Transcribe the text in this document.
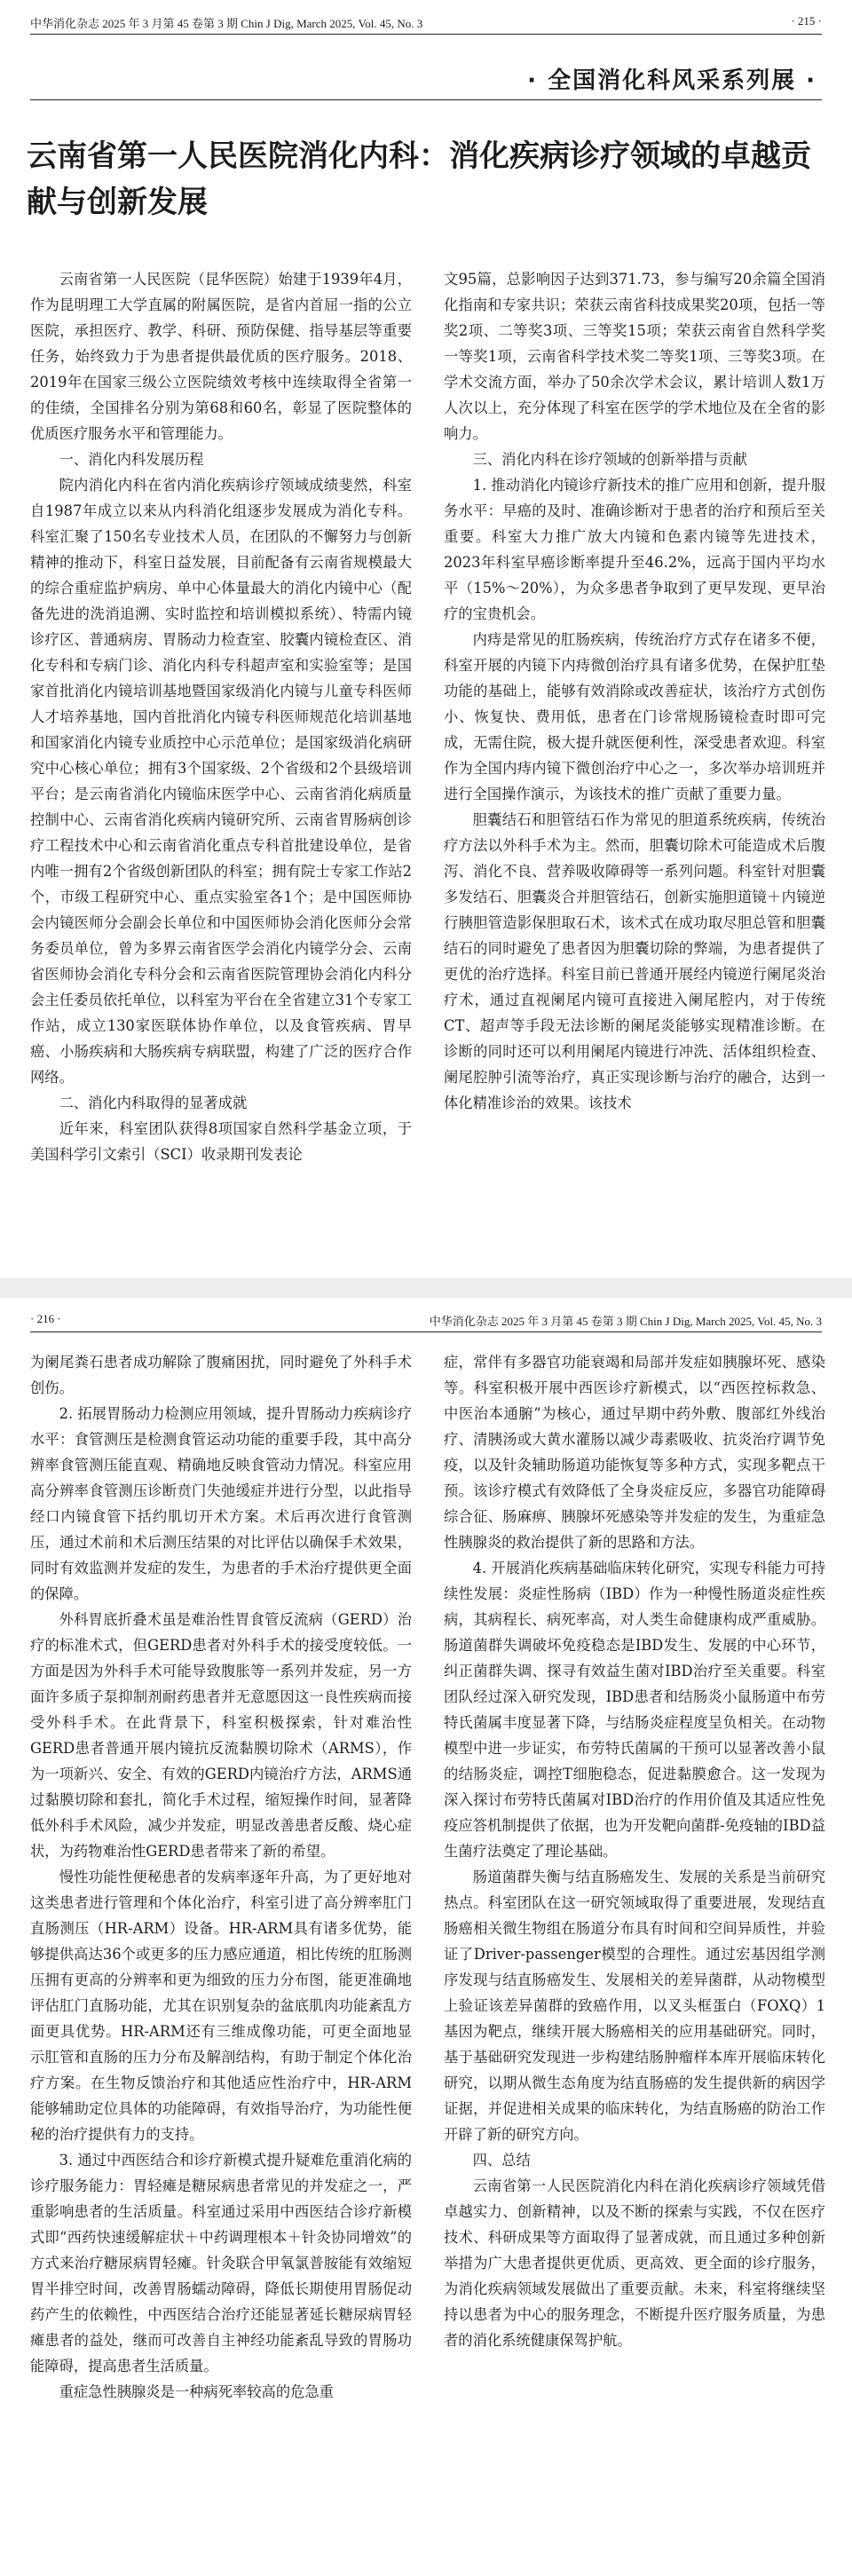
中华消化杂志 2025 年 3 月第 45 卷第 3 期 Chin J Dig, March 2025, Vol. 45, No. 3	· 215 ·
· 全国消化科风采系列展 ·
云南省第一人民医院消化内科：消化疾病诊疗领域的卓越贡献与创新发展

云南省第一人民医院（昆华医院）始建于1939年4月，作为昆明理工大学直属的附属医院，是省内首屈一指的公立医院，承担医疗、教学、科研、预防保健、指导基层等重要任务，始终致力于为患者提供最优质的医疗服务。2018、2019年在国家三级公立医院绩效考核中连续取得全省第一的佳绩，全国排名分别为第68和60名，彰显了医院整体的优质医疗服务水平和管理能力。

一、消化内科发展历程

院内消化内科在省内消化疾病诊疗领域成绩斐然，科室自1987年成立以来从内科消化组逐步发展成为消化专科。科室汇聚了150名专业技术人员，在团队的不懈努力与创新精神的推动下，科室日益发展，目前配备有云南省规模最大的综合重症监护病房、单中心体量最大的消化内镜中心（配备先进的洗消追溯、实时监控和培训模拟系统）、特需内镜诊疗区、普通病房、胃肠动力检查室、胶囊内镜检查区、消化专科和专病门诊、消化内科专科超声室和实验室等；是国家首批消化内镜培训基地暨国家级消化内镜与儿童专科医师人才培养基地，国内首批消化内镜专科医师规范化培训基地和国家消化内镜专业质控中心示范单位；是国家级消化病研究中心核心单位；拥有3个国家级、2个省级和2个县级培训平台；是云南省消化内镜临床医学中心、云南省消化病质量控制中心、云南省消化疾病内镜研究所、云南省胃肠病创诊疗工程技术中心和云南省消化重点专科首批建设单位，是省内唯一拥有2个省级创新团队的科室；拥有院士专家工作站2个，市级工程研究中心、重点实验室各1个；是中国医师协会内镜医师分会副会长单位和中国医师协会消化医师分会常务委员单位，曾为多界云南省医学会消化内镜学分会、云南省医师协会消化专科分会和云南省医院管理协会消化内科分会主任委员依托单位，以科室为平台在全省建立31个专家工作站，成立130家医联体协作单位，以及食管疾病、胃早癌、小肠疾病和大肠疾病专病联盟，构建了广泛的医疗合作网络。

二、消化内科取得的显著成就

近年来，科室团队获得8项国家自然科学基金立项，于美国科学引文索引（SCI）收录期刊发表论

文95篇，总影响因子达到371.73，参与编写20余篇全国消化指南和专家共识；荣获云南省科技成果奖20项，包括一等奖2项、二等奖3项、三等奖15项；荣获云南省自然科学奖一等奖1项，云南省科学技术奖二等奖1项、三等奖3项。在学术交流方面，举办了50余次学术会议，累计培训人数1万人次以上，充分体现了科室在医学的学术地位及在全省的影响力。

三、消化内科在诊疗领域的创新举措与贡献

1. 推动消化内镜诊疗新技术的推广应用和创新，提升服务水平：早癌的及时、准确诊断对于患者的治疗和预后至关重要。科室大力推广放大内镜和色素内镜等先进技术，2023年科室早癌诊断率提升至46.2%，远高于国内平均水平（15%～20%），为众多患者争取到了更早发现、更早治疗的宝贵机会。

内痔是常见的肛肠疾病，传统治疗方式存在诸多不便，科室开展的内镜下内痔微创治疗具有诸多优势，在保护肛垫功能的基础上，能够有效消除或改善症状，该治疗方式创伤小、恢复快、费用低，患者在门诊常规肠镜检查时即可完成，无需住院，极大提升就医便利性，深受患者欢迎。科室作为全国内痔内镜下微创治疗中心之一，多次举办培训班并进行全国操作演示，为该技术的推广贡献了重要力量。

胆囊结石和胆管结石作为常见的胆道系统疾病，传统治疗方法以外科手术为主。然而，胆囊切除术可能造成术后腹泻、消化不良、营养吸收障碍等一系列问题。科室针对胆囊多发结石、胆囊炎合并胆管结石，创新实施胆道镜＋内镜逆行胰胆管造影保胆取石术，该术式在成功取尽胆总管和胆囊结石的同时避免了患者因为胆囊切除的弊端，为患者提供了更优的治疗选择。科室目前已普通开展经内镜逆行阑尾炎治疗术，通过直视阑尾内镜可直接进入阑尾腔内，对于传统CT、超声等手段无法诊断的阑尾炎能够实现精准诊断。在诊断的同时还可以利用阑尾内镜进行冲洗、活体组织检查、阑尾腔肿引流等治疗，真正实现诊断与治疗的融合，达到一体化精准诊治的效果。该技术

· 216 ·	中华消化杂志 2025 年 3 月第 45 卷第 3 期 Chin J Dig, March 2025, Vol. 45, No. 3

为阑尾粪石患者成功解除了腹痛困扰，同时避免了外科手术创伤。

2. 拓展胃肠动力检测应用领域，提升胃肠动力疾病诊疗水平：食管测压是检测食管运动功能的重要手段，其中高分辨率食管测压能直观、精确地反映食管动力情况。科室应用高分辨率食管测压诊断贲门失弛缓症并进行分型，以此指导经口内镜食管下括约肌切开术方案。术后再次进行食管测压，通过术前和术后测压结果的对比评估以确保手术效果，同时有效监测并发症的发生，为患者的手术治疗提供更全面的保障。

外科胃底折叠术虽是难治性胃食管反流病（GERD）治疗的标准术式，但GERD患者对外科手术的接受度较低。一方面是因为外科手术可能导致腹胀等一系列并发症，另一方面许多质子泵抑制剂耐药患者并无意愿因这一良性疾病而接受外科手术。在此背景下，科室积极探索，针对难治性GERD患者普通开展内镜抗反流黏膜切除术（ARMS），作为一项新兴、安全、有效的GERD内镜治疗方法，ARMS通过黏膜切除和套扎，简化手术过程，缩短操作时间，显著降低外科手术风险，减少并发症，明显改善患者反酸、烧心症状，为药物难治性GERD患者带来了新的希望。

慢性功能性便秘患者的发病率逐年升高，为了更好地对这类患者进行管理和个体化治疗，科室引进了高分辨率肛门直肠测压（HR-ARM）设备。HR-ARM具有诸多优势，能够提供高达36个或更多的压力感应通道，相比传统的肛肠测压拥有更高的分辨率和更为细致的压力分布图，能更准确地评估肛门直肠功能，尤其在识别复杂的盆底肌肉功能紊乱方面更具优势。HR-ARM还有三维成像功能，可更全面地显示肛管和直肠的压力分布及解剖结构，有助于制定个体化治疗方案。在生物反馈治疗和其他适应性治疗中，HR-ARM能够辅助定位具体的功能障碍，有效指导治疗，为功能性便秘的治疗提供有力的支持。

3. 通过中西医结合和诊疗新模式提升疑难危重消化病的诊疗服务能力：胃轻瘫是糖尿病患者常见的并发症之一，严重影响患者的生活质量。科室通过采用中西医结合诊疗新模式即“西药快速缓解症状＋中药调理根本＋针灸协同增效”的方式来治疗糖尿病胃轻瘫。针灸联合甲氧氯普胺能有效缩短胃半排空时间，改善胃肠蠕动障碍，降低长期使用胃肠促动药产生的依赖性，中西医结合治疗还能显著延长糖尿病胃轻瘫患者的益处，继而可改善自主神经功能紊乱导致的胃肠功能障碍，提高患者生活质量。

重症急性胰腺炎是一种病死率较高的危急重

症，常伴有多器官功能衰竭和局部并发症如胰腺坏死、感染等。科室积极开展中西医诊疗新模式，以“西医控标救急、中医治本通腑”为核心，通过早期中药外敷、腹部红外线治疗、清胰汤或大黄水灌肠以减少毒素吸收、抗炎治疗调节免疫，以及针灸辅助肠道功能恢复等多种方式，实现多靶点干预。该诊疗模式有效降低了全身炎症反应，多器官功能障碍综合征、肠麻痹、胰腺坏死感染等并发症的发生，为重症急性胰腺炎的救治提供了新的思路和方法。

4. 开展消化疾病基础临床转化研究，实现专科能力可持续性发展：炎症性肠病（IBD）作为一种慢性肠道炎症性疾病，其病程长、病死率高，对人类生命健康构成严重威胁。肠道菌群失调破坏免疫稳态是IBD发生、发展的中心环节，纠正菌群失调、探寻有效益生菌对IBD治疗至关重要。科室团队经过深入研究发现，IBD患者和结肠炎小鼠肠道中布劳特氏菌属丰度显著下降，与结肠炎症程度呈负相关。在动物模型中进一步证实，布劳特氏菌属的干预可以显著改善小鼠的结肠炎症，调控T细胞稳态，促进黏膜愈合。这一发现为深入探讨布劳特氏菌属对IBD治疗的作用价值及其适应性免疫应答机制提供了依据，也为开发靶向菌群-免疫轴的IBD益生菌疗法奠定了理论基础。

肠道菌群失衡与结直肠癌发生、发展的关系是当前研究热点。科室团队在这一研究领域取得了重要进展，发现结直肠癌相关微生物组在肠道分布具有时间和空间异质性，并验证了Driver-passenger模型的合理性。通过宏基因组学测序发现与结直肠癌发生、发展相关的差异菌群，从动物模型上验证该差异菌群的致癌作用，以叉头框蛋白（FOXQ）1基因为靶点，继续开展大肠癌相关的应用基础研究。同时，基于基础研究发现进一步构建结肠肿瘤样本库开展临床转化研究，以期从微生态角度为结直肠癌的发生提供新的病因学证据，并促进相关成果的临床转化，为结直肠癌的防治工作开辟了新的研究方向。

四、总结

云南省第一人民医院消化内科在消化疾病诊疗领域凭借卓越实力、创新精神，以及不断的探索与实践，不仅在医疗技术、科研成果等方面取得了显著成就，而且通过多种创新举措为广大患者提供更优质、更高效、更全面的诊疗服务，为消化疾病领域发展做出了重要贡献。未来，科室将继续坚持以患者为中心的服务理念，不断提升医疗服务质量，为患者的消化系统健康保驾护航。
